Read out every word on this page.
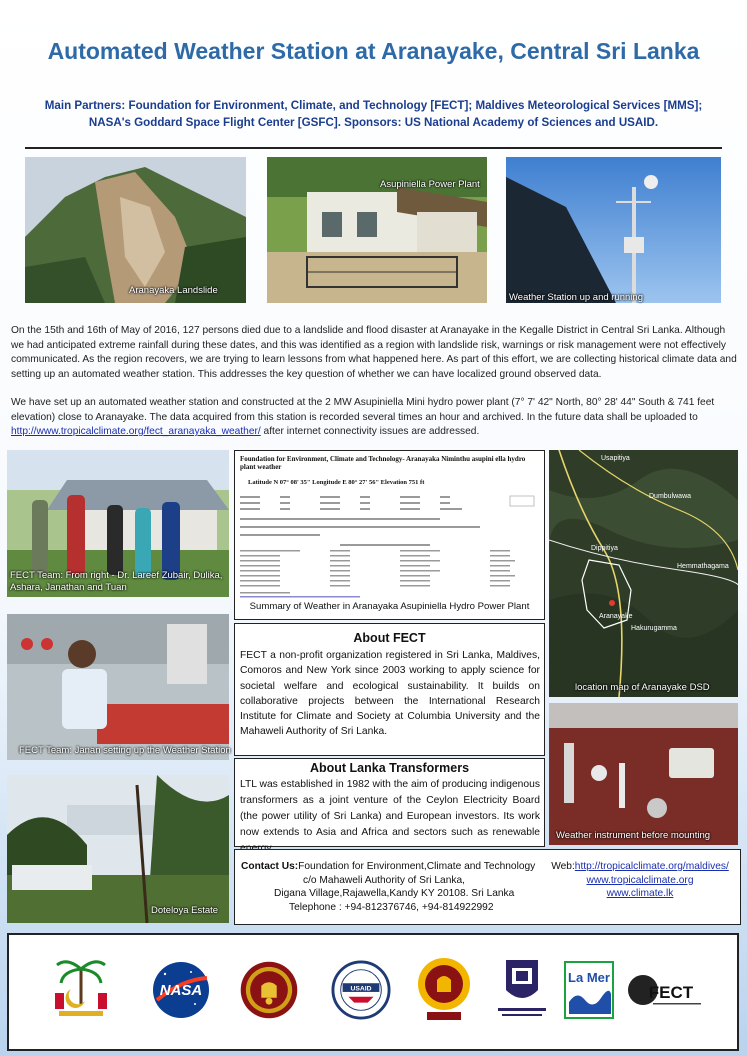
Automated Weather Station at Aranayake, Central Sri Lanka
Main Partners: Foundation for Environment, Climate, and Technology [FECT]; Maldives Meteorological Services [MMS]; NASA's Goddard Space Flight Center [GSFC]. Sponsors: US National Academy of Sciences and USAID.
Aranayaka Landslide
Asupiniella Power Plant
Weather Station up and running

On the 15th and 16th of May of 2016, 127 persons died due to a landslide and flood disaster at Aranayake in the Kegalle District in Central Sri Lanka. Although we had anticipated extreme rainfall during these dates, and this was identified as a region with landslide risk, warnings or risk management were not effectively communicated. As the region recovers, we are trying to learn lessons from what happened here. As part of this effort, we are collecting historical climate data and setting up an automated weather station. This addresses the key question of whether we can have localized ground observed data.

We have set up an automated weather station and constructed at the 2 MW Asupiniella Mini hydro power plant (7° 7' 42" North, 80° 28' 44" South & 741 feet elevation) close to Aranayake. The data acquired from this station is recorded several times an hour and archived. In the future data shall be uploaded to http://www.tropicalclimate.org/fect_aranayaka_weather/ after internet connectivity issues are addressed.

FECT Team: From right - Dr. Lareef Zubair, Dulika, Ashara, Janathan and Tuan
FECT Team: Janan setting up the Weather Station
Doteloya Estate
Foundation for Environment, Climate and Technology- Aranayaka Niminthu asupini ella hydro plant weather
Latitude N 07° 08' 35" Longitude E 80° 27' 56" Elevation 751 ft
Summary of Weather in Aranayaka Asupiniella Hydro Power Plant
About FECT
FECT a non-profit organization registered in Sri Lanka, Maldives, Comoros and New York since 2003 working to apply science for societal welfare and ecological sustainability. It builds on collaborative projects between the International Research Institute for Climate and Society at Columbia University and the Mahaweli Authority of Sri Lanka.
About Lanka Transformers
LTL was established in 1982 with the aim of producing indigenous transformers as a joint venture of the Ceylon Electricity Board (the power utility of Sri Lanka) and European investors. Its work now extends to Asia and Africa and sectors such as renewable
Usapitiya
Dumbulwawa
Dippitiya
Aranayake
Hemmathagama
Hakurugamma
location map of Aranayake DSD
Weather instrument before mounting
Contact Us:Foundation for Environment,Climate and Technology
c/o Mahaweli Authority of Sri Lanka,
Digana Village,Rajawella,Kandy KY 20108. Sri Lanka
Telephone : +94-812376746, +94-814922992
Web:http://tropicalclimate.org/maldives/
www.tropicalclimate.org
www.climate.lk
NASA	USAID
La Mer
FECT
